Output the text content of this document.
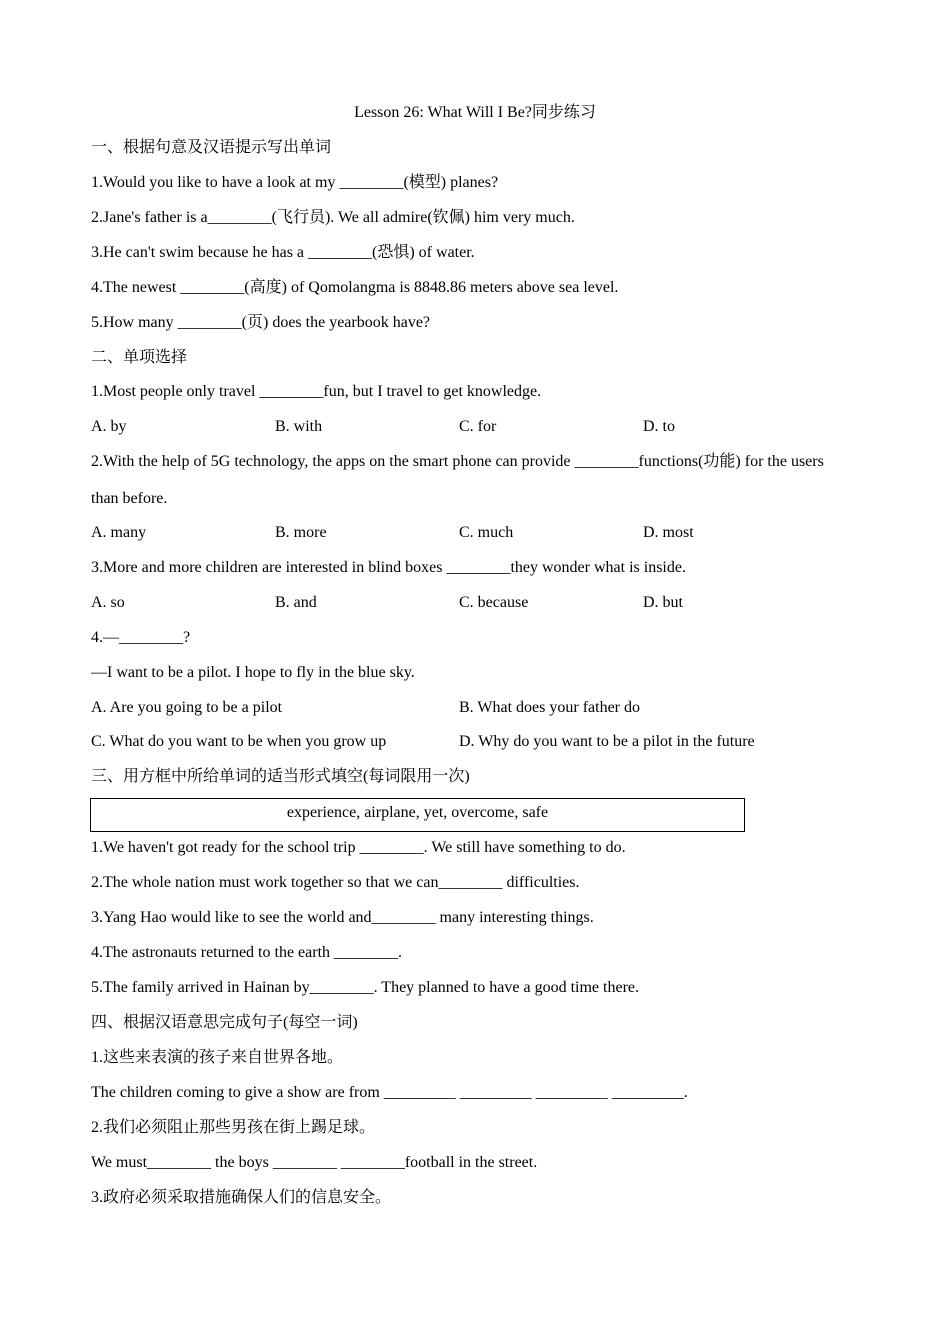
Lesson 26: What Will I Be?同步练习
一、根据句意及汉语提示写出单词
1.Would you like to have a look at my ________(模型) planes?
2.Jane's father is a________(飞行员). We all admire(钦佩) him very much.
3.He can't swim because he has a ________(恐惧) of water.
4.The newest ________(高度) of Qomolangma is 8848.86 meters above sea level.
5.How many ________(页) does the yearbook have?
二、单项选择
1.Most people only travel ________fun, but I travel to get knowledge.
A. by	B. with	C. for	D. to
2.With the help of 5G technology, the apps on the smart phone can provide ________functions(功能) for the users
than before.
A. many	B. more	C. much	D. most
3.More and more children are interested in blind boxes ________they wonder what is inside.
A. so	B. and	C. because	D. but
4.—________?
—I want to be a pilot. I hope to fly in the blue sky.
A. Are you going to be a pilot	B. What does your father do
C. What do you want to be when you grow up	D. Why do you want to be a pilot in the future
三、用方框中所给单词的适当形式填空(每词限用一次)
experience, airplane, yet, overcome, safe
1.We haven't got ready for the school trip ________. We still have something to do.
2.The whole nation must work together so that we can________ difficulties.
3.Yang Hao would like to see the world and________ many interesting things.
4.The astronauts returned to the earth ________.
5.The family arrived in Hainan by________. They planned to have a good time there.
四、根据汉语意思完成句子(每空一词)
1.这些来表演的孩子来自世界各地。
The children coming to give a show are from _________ _________ _________ _________.
2.我们必须阻止那些男孩在街上踢足球。
We must________ the boys ________ ________football in the street.
3.政府必须采取措施确保人们的信息安全。
